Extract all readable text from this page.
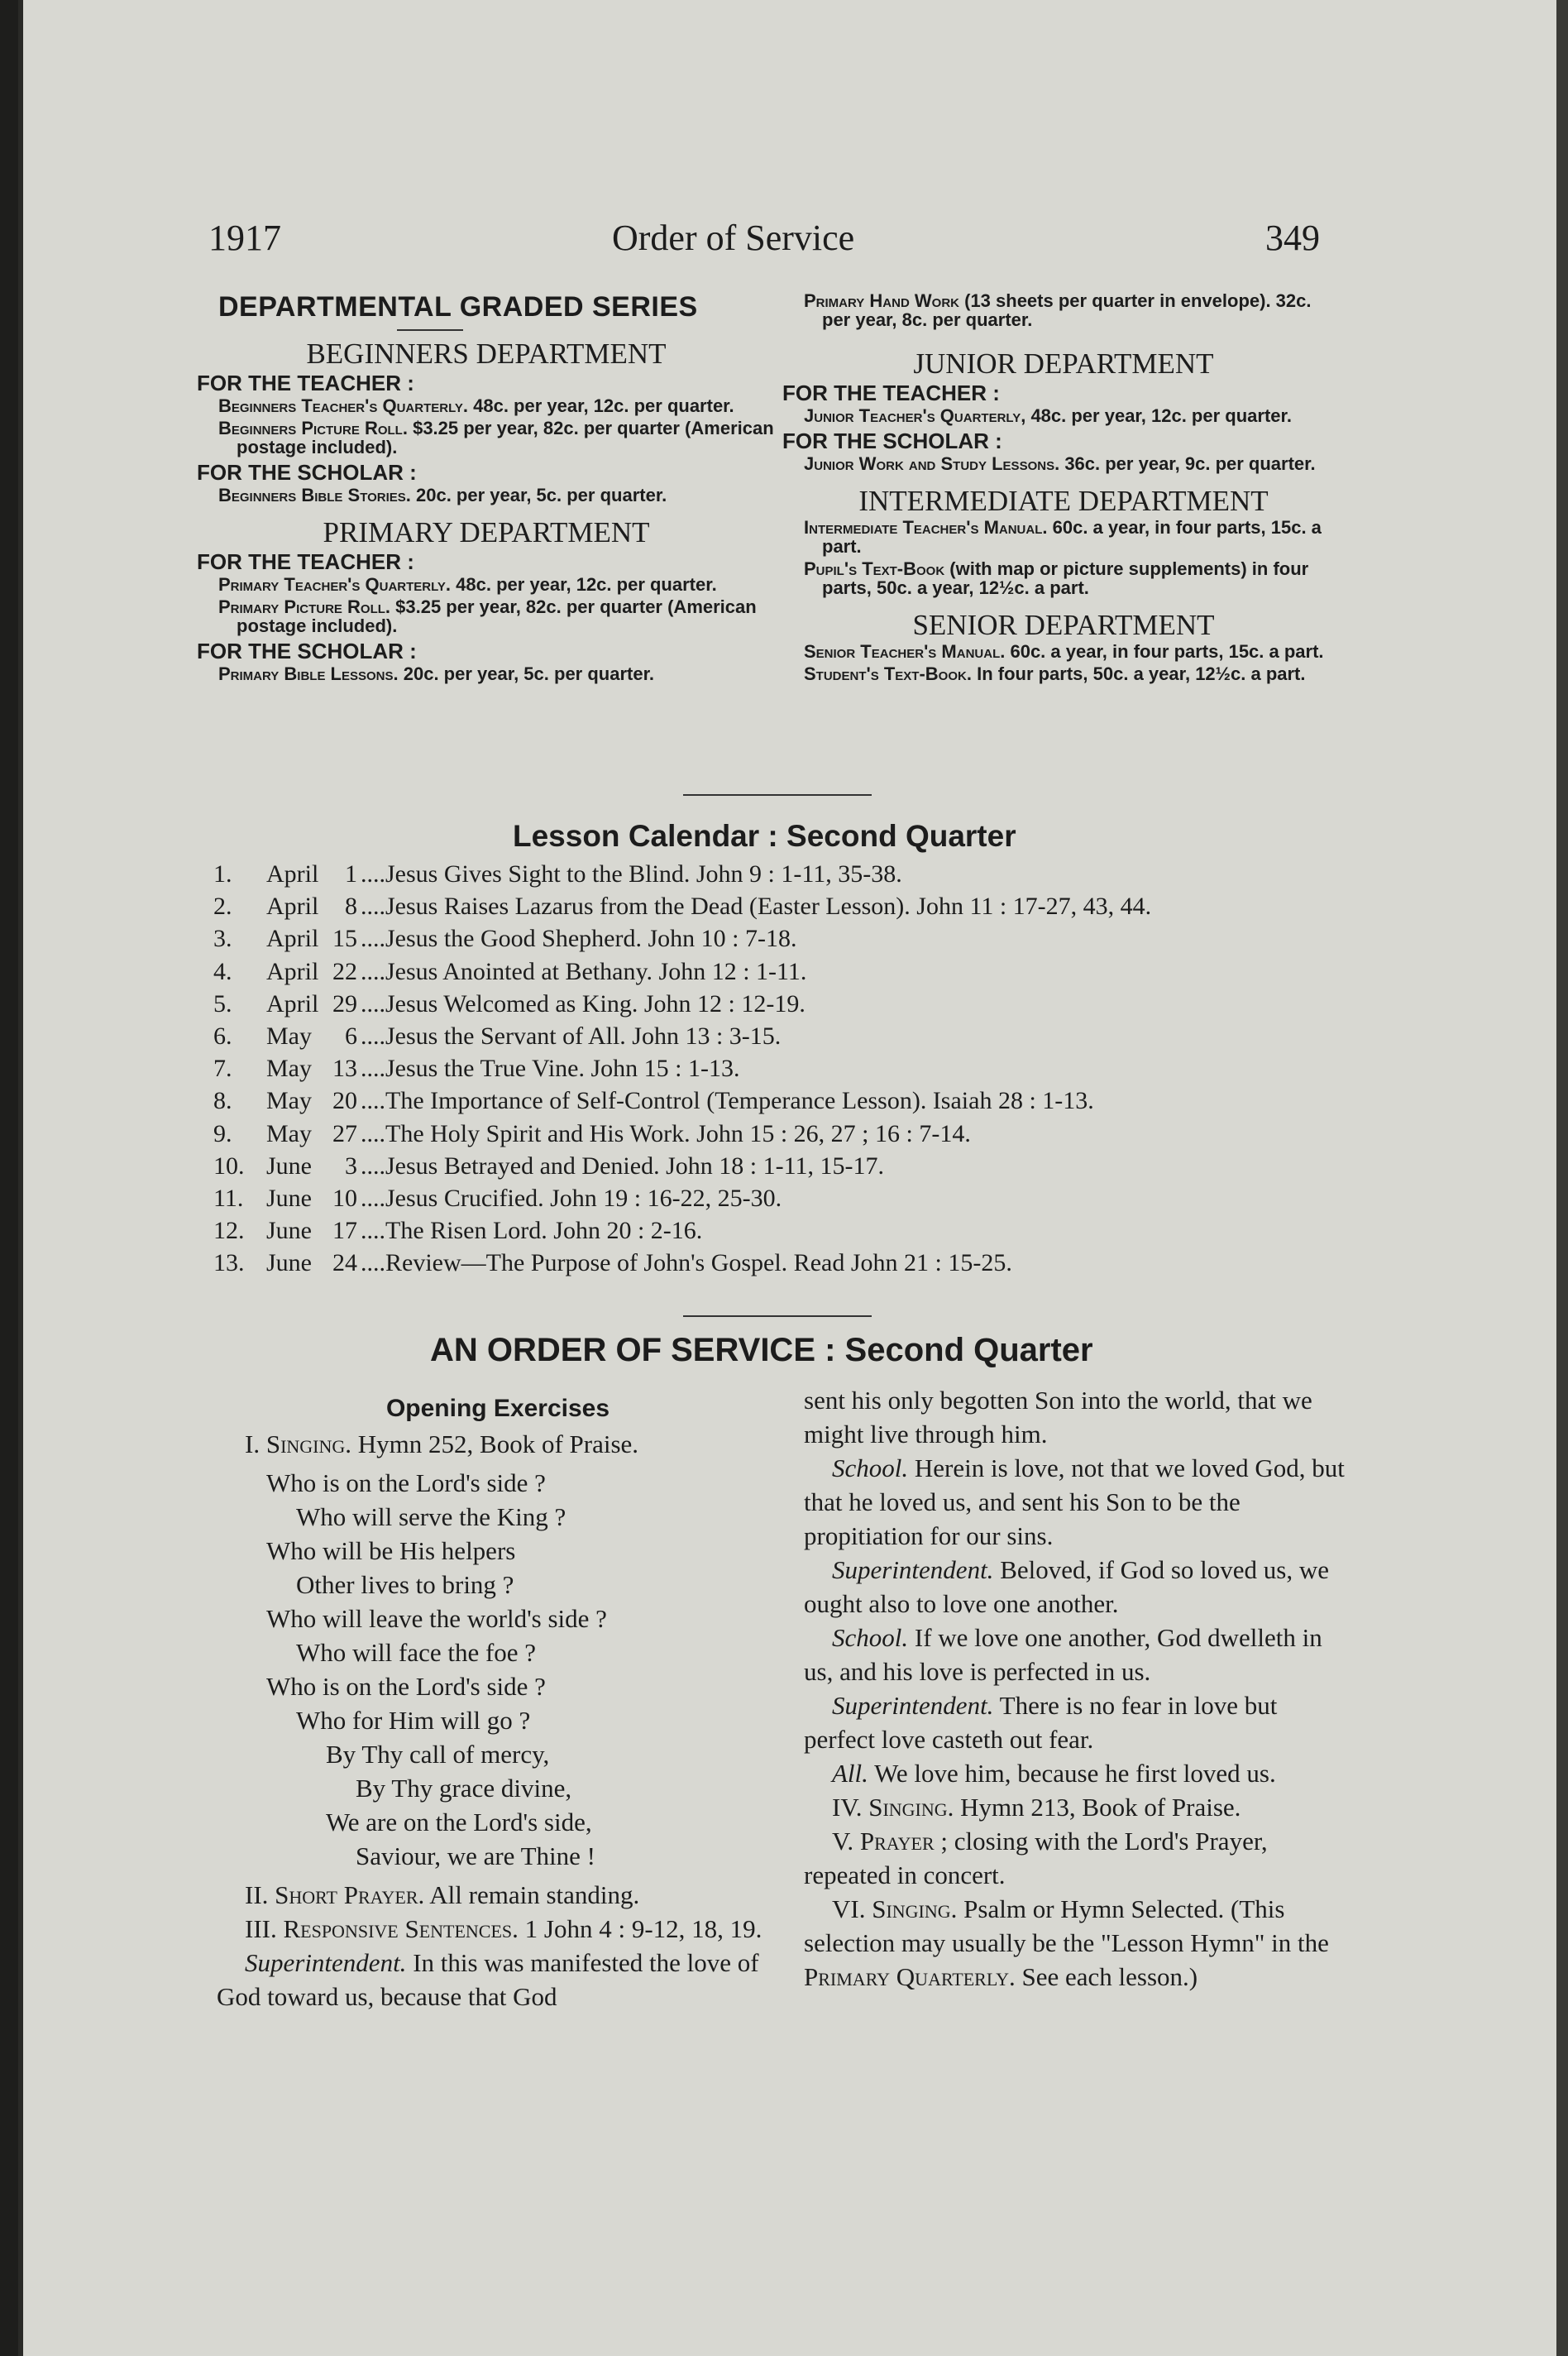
1917	Order of Service	349
DEPARTMENTAL GRADED SERIES
BEGINNERS DEPARTMENT
FOR THE TEACHER :
Beginners Teacher's Quarterly. 48c. per year, 12c. per quarter.
Beginners Picture Roll. $3.25 per year, 82c. per quarter (American postage included).
FOR THE SCHOLAR :
Beginners Bible Stories. 20c. per year, 5c. per quarter.
PRIMARY DEPARTMENT
FOR THE TEACHER :
Primary Teacher's Quarterly. 48c. per year, 12c. per quarter.
Primary Picture Roll. $3.25 per year, 82c. per quarter (American postage included).
FOR THE SCHOLAR :
Primary Bible Lessons. 20c. per year, 5c. per quarter.
Primary Hand Work (13 sheets per quarter in envelope). 32c. per year, 8c. per quarter.
JUNIOR DEPARTMENT
FOR THE TEACHER :
Junior Teacher's Quarterly, 48c. per year, 12c. per quarter.
FOR THE SCHOLAR :
Junior Work and Study Lessons. 36c. per year, 9c. per quarter.
INTERMEDIATE DEPARTMENT
Intermediate Teacher's Manual. 60c. a year, in four parts, 15c. a part.
Pupil's Text-Book (with map or picture supplements) in four parts, 50c. a year, 12½c. a part.
SENIOR DEPARTMENT
Senior Teacher's Manual. 60c. a year, in four parts, 15c. a part.
Student's Text-Book. In four parts, 50c. a year, 12½c. a part.
Lesson Calendar : Second Quarter
1. April	1 ....Jesus Gives Sight to the Blind. John 9 : 1-11, 35-38.
2. April	8 ....Jesus Raises Lazarus from the Dead (Easter Lesson). John 11 : 17-27, 43, 44.
3. April 15 ....Jesus the Good Shepherd. John 10 : 7-18.
4. April 22 ....Jesus Anointed at Bethany. John 12 : 1-11.
5. April 29 ....Jesus Welcomed as King. John 12 : 12-19.
6. May	6 ....Jesus the Servant of All. John 13 : 3-15.
7. May 13 ....Jesus the True Vine. John 15 : 1-13.
8. May 20 ....The Importance of Self-Control (Temperance Lesson). Isaiah 28 : 1-13.
9. May 27 ....The Holy Spirit and His Work. John 15 : 26, 27 ; 16 : 7-14.
10. June	3 ....Jesus Betrayed and Denied. John 18 : 1-11, 15-17.
11. June 10 ....Jesus Crucified. John 19 : 16-22, 25-30.
12. June 17 ....The Risen Lord. John 20 : 2-16.
13. June 24 ....Review—The Purpose of John's Gospel. Read John 21 : 15-25.
AN ORDER OF SERVICE : Second Quarter

Opening Exercises

I. Singing. Hymn 252, Book of Praise.

Who is on the Lord's side ?
Who will serve the King ?
Who will be His helpers
Other lives to bring ?
Who will leave the world's side ?
Who will face the foe ?
Who is on the Lord's side ?
Who for Him will go ?
By Thy call of mercy,
By Thy grace divine,
We are on the Lord's side,
Saviour, we are Thine !

II. Short Prayer. All remain standing.

III. Responsive Sentences. 1 John 4 : 9-12, 18, 19.

Superintendent. In this was manifested the love of God toward us, because that God

sent his only begotten Son into the world, that we might live through him.

School. Herein is love, not that we loved God, but that he loved us, and sent his Son to be the propitiation for our sins.

Superintendent. Beloved, if God so loved us, we ought also to love one another.

School. If we love one another, God dwelleth in us, and his love is perfected in us.

Superintendent. There is no fear in love but perfect love casteth out fear.

All. We love him, because he first loved us.

IV. Singing. Hymn 213, Book of Praise.

V. Prayer ; closing with the Lord's Prayer, repeated in concert.

VI. Singing. Psalm or Hymn Selected. (This selection may usually be the "Lesson Hymn" in the Primary Quarterly. See each lesson.)
